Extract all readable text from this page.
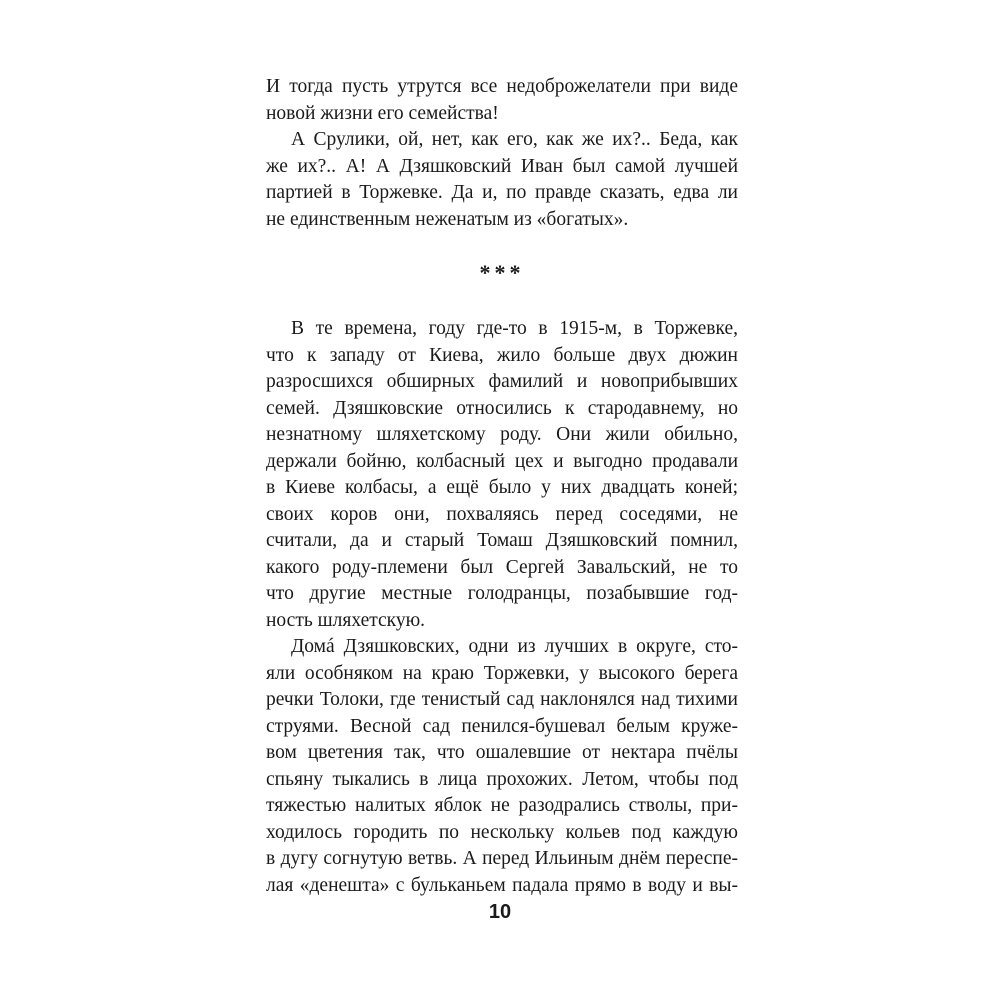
И тогда пусть утрутся все недоброжелатели при виде
новой жизни его семейства!
А Срулики, ой, нет, как его, как же их?.. Беда, как
же их?.. А! А Дзяшковский Иван был самой лучшей
партией в Торжевке. Да и, по правде сказать, едва ли
не единственным неженатым из «богатых».
***
В те времена, году где-то в 1915-м, в Торжевке,
что к западу от Киева, жило больше двух дюжин
разросшихся обширных фамилий и новоприбывших
семей. Дзяшковские относились к стародавнему, но
незнатному шляхетскому роду. Они жили обильно,
держали бойню, колбасный цех и выгодно продавали
в Киеве колбасы, а ещё было у них двадцать коней;
своих коров они, похваляясь перед соседями, не
считали, да и старый Томаш Дзяшковский помнил,
какого роду-племени был Сергей Завальский, не то
что другие местные голодранцы, позабывшие год-
ность шляхетскую.
Домá Дзяшковских, одни из лучших в округе, сто-
яли особняком на краю Торжевки, у высокого берега
речки Толоки, где тенистый сад наклонялся над тихими
струями. Весной сад пенился-бушевал белым круже-
вом цветения так, что ошалевшие от нектара пчёлы
спьяну тыкались в лица прохожих. Летом, чтобы под
тяжестью налитых яблок не разодрались стволы, при-
ходилось городить по нескольку кольев под каждую
в дугу согнутую ветвь. А перед Ильиным днём переспе-
лая «денешта» с бульканьем падала прямо в воду и вы-
10
